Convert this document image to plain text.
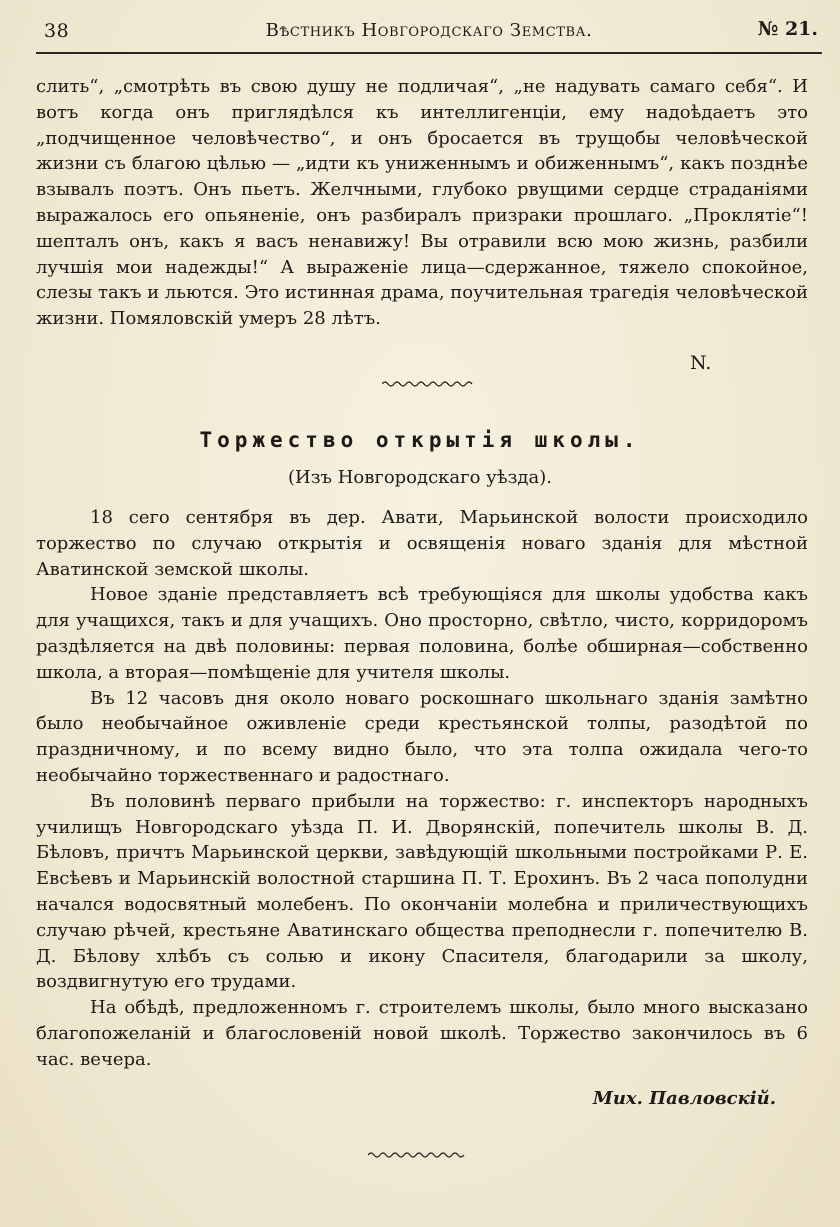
38	Вѣстникъ Новгородскаго Земства.	№ 21.

слить“, „смотрѣть въ свою душу не подличая“, „не надувать самаго себя“. И вотъ когда онъ приглядѣлся къ интеллигенціи, ему надоѣдаетъ это „подчищенное человѣчество“, и онъ бросается въ трущобы человѣческой жизни съ благою цѣлью — „идти къ униженнымъ и обиженнымъ“, какъ позднѣе взывалъ поэтъ. Онъ пьетъ. Желчными, глубоко рвущими сердце страданіями выражалось его опьяненіе, онъ разбиралъ призраки прошлаго. „Проклятіе“! шепталъ онъ, какъ я васъ ненавижу! Вы отравили всю мою жизнь, разбили лучшія мои надежды!“ А выраженіе лица—сдержанное, тяжело спокойное, слезы такъ и льются. Это истинная драма, поучительная трагедія человѣческой жизни. Помяловскій умеръ 28 лѣтъ.

N.
Торжество открытія школы.
(Изъ Новгородскаго уѣзда).

18 сего сентября въ дер. Авати, Марьинской волости происходило торжество по случаю открытія и освященія новаго зданія для мѣстной Аватинской земской школы.

Новое зданіе представляетъ всѣ требующіяся для школы удобства какъ для учащихся, такъ и для учащихъ. Оно просторно, свѣтло, чисто, корридоромъ раздѣляется на двѣ половины: первая половина, болѣе обширная—собственно школа, а вторая—помѣщеніе для учителя школы.

Въ 12 часовъ дня около новаго роскошнаго школьнаго зданія замѣтно было необычайное оживленіе среди крестьянской толпы, разодѣтой по праздничному, и по всему видно было, что эта толпа ожидала чего-то необычайно торжественнаго и радостнаго.

Въ половинѣ перваго прибыли на торжество: г. инспекторъ народныхъ училищъ Новгородскаго уѣзда П. И. Дворянскій, попечитель школы В. Д. Бѣловъ, причтъ Марьинской церкви, завѣдующій школьными постройками Р. Е. Евсѣевъ и Марьинскій волостной старшина П. Т. Ерохинъ. Въ 2 часа пополудни начался водосвятный молебенъ. По окончаніи молебна и приличествующихъ случаю рѣчей, крестьяне Аватинскаго общества преподнесли г. попечителю В. Д. Бѣлову хлѣбъ съ солью и икону Спасителя, благодарили за школу, воздвигнутую его трудами.

На обѣдѣ, предложенномъ г. строителемъ школы, было много высказано благопожеланій и благословеній новой школѣ. Торжество закончилось въ 6 час. вечера.

Мих. Павловскій.
